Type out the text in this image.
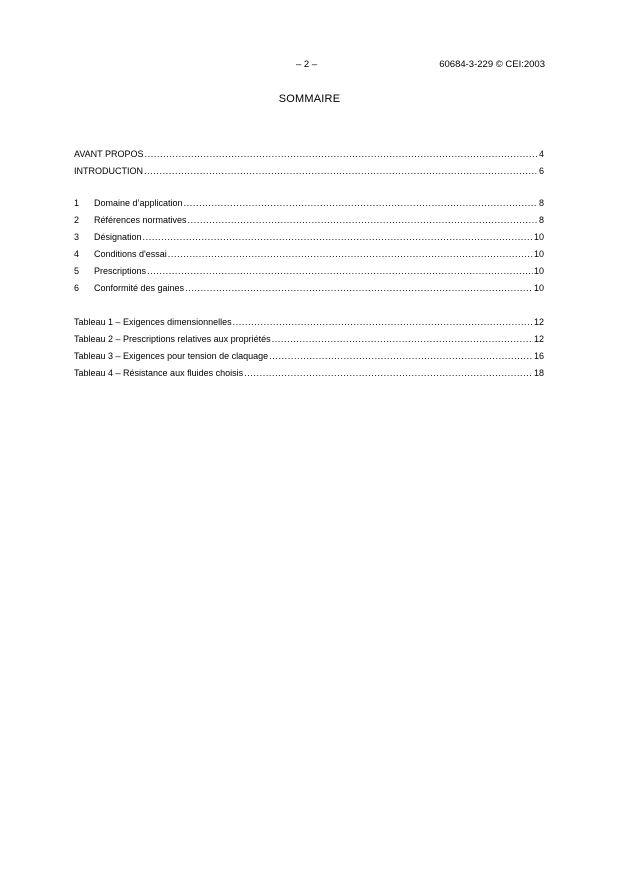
– 2 –	60684-3-229 © CEI:2003
SOMMAIRE
AVANT PROPOS .....	4
INTRODUCTION .....	6
1	Domaine d’application .....	8
2	Références normatives .....	8
3	Désignation .....	10
4	Conditions d'essai .....	10
5	Prescriptions .....	10
6	Conformité des gaines .....	10
Tableau 1 – Exigences dimensionnelles .....	12
Tableau 2 – Prescriptions relatives aux propriétés .....	12
Tableau 3 – Exigences pour tension de claquage .....	16
Tableau 4 – Résistance aux fluides choisis .....	18
